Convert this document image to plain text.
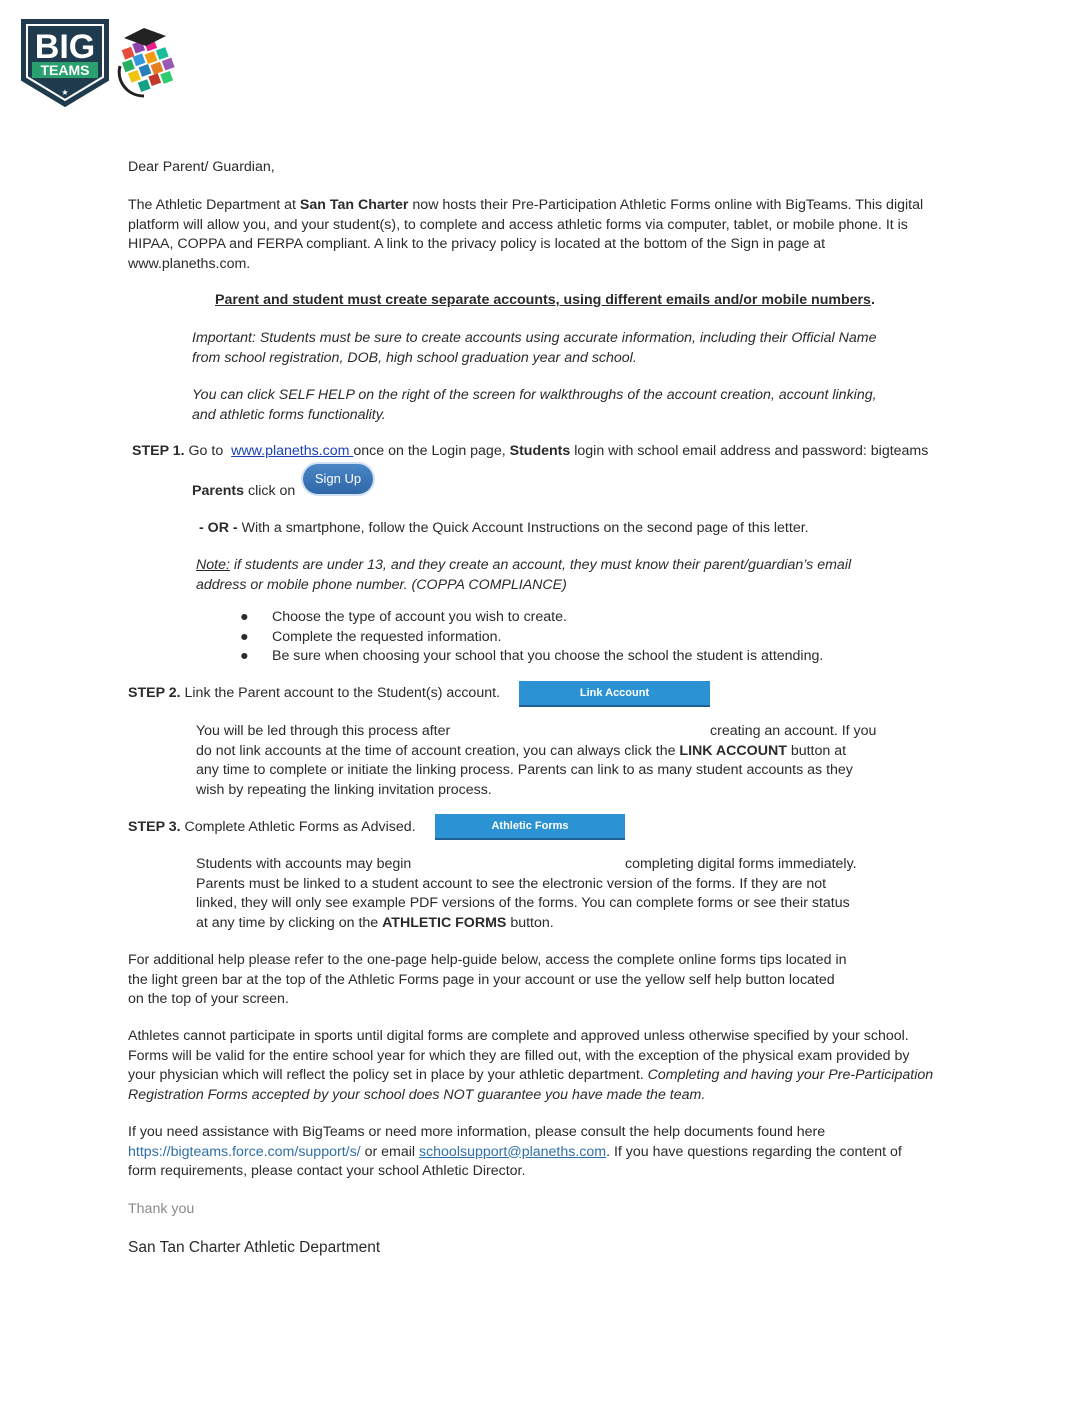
BIG
TEAMS
★

Dear Parent/ Guardian,

The Athletic Department at San Tan Charter now hosts their Pre-Participation Athletic Forms online with BigTeams. This digital

platform will allow you, and your student(s), to complete and access athletic forms via computer, tablet, or mobile phone. It is

HIPAA, COPPA and FERPA compliant. A link to the privacy policy is located at the bottom of the Sign in page at

www.planeths.com.

Parent and student must create separate accounts, using different emails and/or mobile numbers.

Important: Students must be sure to create accounts using accurate information, including their Official Name

from school registration, DOB, high school graduation year and school.

You can click SELF HELP on the right of the screen for walkthroughs of the account creation, account linking,

and athletic forms functionality.

STEP 1. Go to www.planeths.com once on the Login page, Students login with school email address and password: bigteams

Parents click on

Sign Up

- OR - With a smartphone, follow the Quick Account Instructions on the second page of this letter.

Note: if students are under 13, and they create an account, they must know their parent/guardian’s email

address or mobile phone number. (COPPA COMPLIANCE)

● Choose the type of account you wish to create.
● Complete the requested information.
● Be sure when choosing your school that you choose the school the student is attending.

STEP 2. Link the Parent account to the Student(s) account.	Link Account

You will be led through this process after	creating an account. If you

do not link accounts at the time of account creation, you can always click the LINK ACCOUNT button at

any time to complete or initiate the linking process. Parents can link to as many student accounts as they

wish by repeating the linking invitation process.

STEP 3. Complete Athletic Forms as Advised.	Athletic Forms

Students with accounts may begin	completing digital forms immediately.

Parents must be linked to a student account to see the electronic version of the forms. If they are not

linked, they will only see example PDF versions of the forms. You can complete forms or see their status

at any time by clicking on the ATHLETIC FORMS button.

For additional help please refer to the one-page help-guide below, access the complete online forms tips located in

the light green bar at the top of the Athletic Forms page in your account or use the yellow self help button located

on the top of your screen.

Athletes cannot participate in sports until digital forms are complete and approved unless otherwise specified by your school.

Forms will be valid for the entire school year for which they are filled out, with the exception of the physical exam provided by

your physician which will reflect the policy set in place by your athletic department. Completing and having your Pre-Participation

Registration Forms accepted by your school does NOT guarantee you have made the team.

If you need assistance with BigTeams or need more information, please consult the help documents found here

https://bigteams.force.com/support/s/ or email schoolsupport@planeths.com. If you have questions regarding the content of

form requirements, please contact your school Athletic Director.

Thank you

San Tan Charter Athletic Department
